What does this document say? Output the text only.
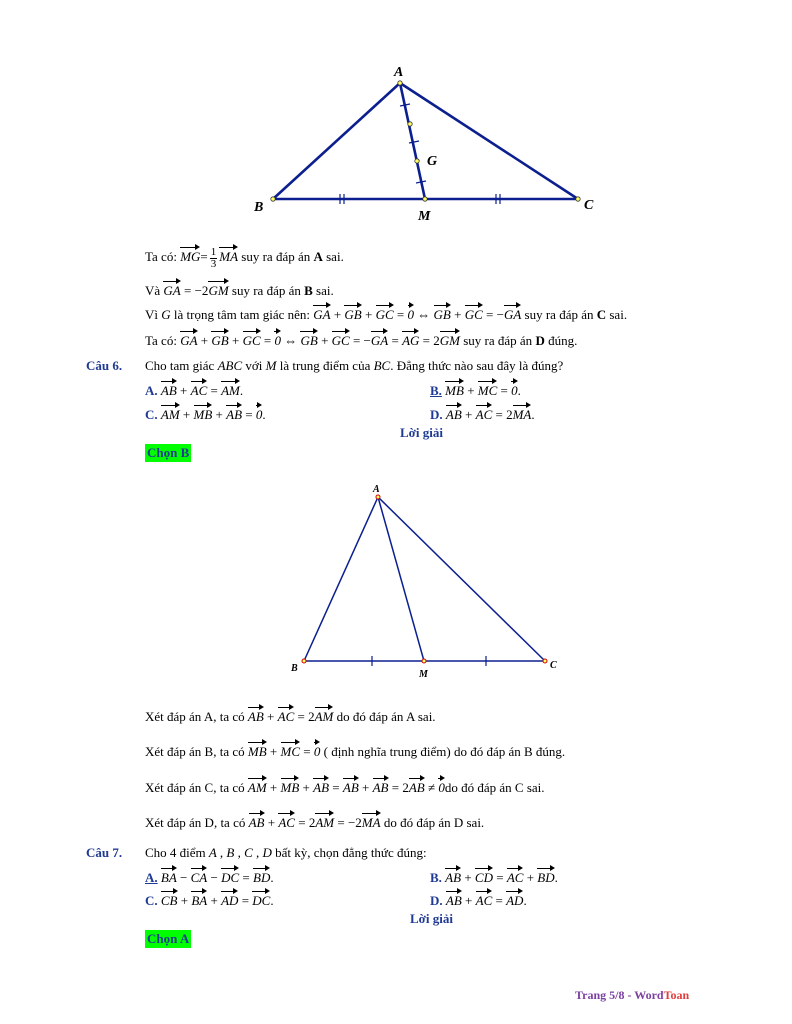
A
B	C
M
G
Ta có: $MG= \frac{1}{3}$ MA suy ra đáp án A sai.
Và GA = −2GM suy ra đáp án B sai.
Vì G là trọng tâm tam giác nên: GA + GB + GC = 0 ⇔ GB + GC = −GA suy ra đáp án C sai.
Ta có: GA + GB + GC = 0 ⇔ GB + GC = −GA = AG = 2GM suy ra đáp án D đúng.
Câu 6. Cho tam giác ABC với M là trung điểm của BC. Đẳng thức nào sau đây là đúng?
A. AB + AC = AM.	B. MB + MC = 0.
C. AM + MB + AB = 0.	D. AB + AC = 2MA.
Lời giải
Chọn B
A
B	C
M
Xét đáp án A, ta có AB + AC = 2AM do đó đáp án A sai.
Xét đáp án B, ta có MB + MC = 0 ( định nghĩa trung điểm) do đó đáp án B đúng.
Xét đáp án C, ta có AM + MB + AB = AB + AB = 2AB ≠ 0do đó đáp án C sai.
Xét đáp án D, ta có AB + AC = 2AM = −2MA do đó đáp án D sai.
Câu 7. Cho 4 điểm A , B , C , D bất kỳ, chọn đẳng thức đúng:
A. BA − CA − DC = BD.	B. AB + CD = AC + BD.
C. CB + BA + AD = DC.	D. AB + AC = AD.
Lời giải
Chọn A
Trang 5/8 - WordToan
